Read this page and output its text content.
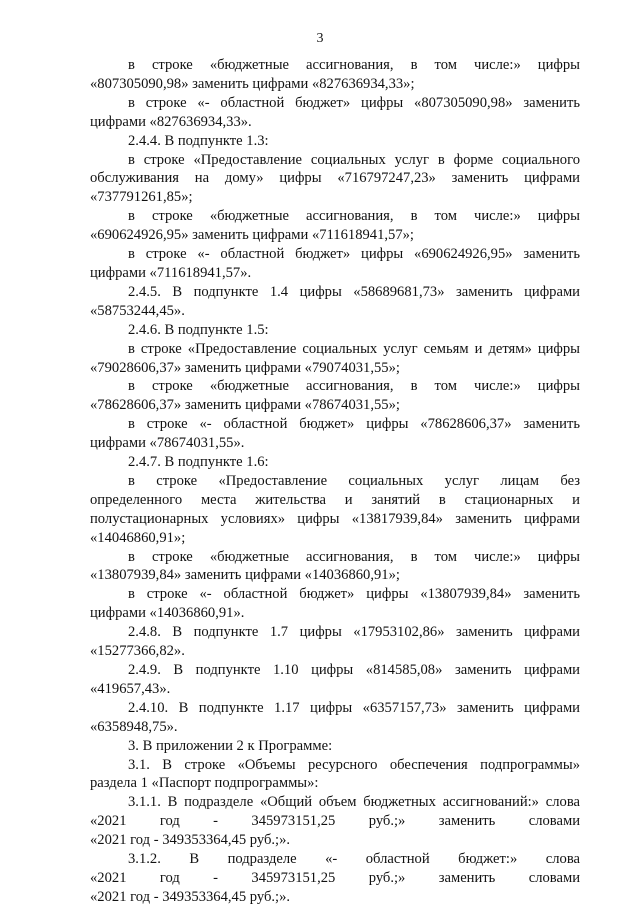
3
в строке «бюджетные ассигнования, в том числе:» цифры
«807305090,98» заменить цифрами «827636934,33»;
в строке «- областной бюджет» цифры «807305090,98» заменить
цифрами «827636934,33».
2.4.4. В подпункте 1.3:
в строке «Предоставление социальных услуг в форме социального
обслуживания на дому» цифры «716797247,23» заменить цифрами
«737791261,85»;
в строке «бюджетные ассигнования, в том числе:» цифры
«690624926,95» заменить цифрами «711618941,57»;
в строке «- областной бюджет» цифры «690624926,95» заменить
цифрами «711618941,57».
2.4.5. В подпункте 1.4 цифры «58689681,73» заменить цифрами
«58753244,45».
2.4.6. В подпункте 1.5:
в строке «Предоставление социальных услуг семьям и детям» цифры
«79028606,37» заменить цифрами «79074031,55»;
в строке «бюджетные ассигнования, в том числе:» цифры
«78628606,37» заменить цифрами «78674031,55»;
в строке «- областной бюджет» цифры «78628606,37» заменить
цифрами «78674031,55».
2.4.7. В подпункте 1.6:
в строке «Предоставление социальных услуг лицам без
определенного места жительства и занятий в стационарных и
полустационарных условиях» цифры «13817939,84» заменить цифрами
«14046860,91»;
в строке «бюджетные ассигнования, в том числе:» цифры
«13807939,84» заменить цифрами «14036860,91»;
в строке «- областной бюджет» цифры «13807939,84» заменить
цифрами «14036860,91».
2.4.8. В подпункте 1.7 цифры «17953102,86» заменить цифрами
«15277366,82».
2.4.9. В подпункте 1.10 цифры «814585,08» заменить цифрами
«419657,43».
2.4.10. В подпункте 1.17 цифры «6357157,73» заменить цифрами
«6358948,75».
3. В приложении 2 к Программе:
3.1. В строке «Объемы ресурсного обеспечения подпрограммы»
раздела 1 «Паспорт подпрограммы»:
3.1.1. В подразделе «Общий объем бюджетных ассигнований:» слова
«2021 год - 345973151,25 руб.;» заменить словами
«2021 год - 349353364,45 руб.;».
3.1.2. В подразделе «- областной бюджет:» слова
«2021 год - 345973151,25 руб.;» заменить словами
«2021 год - 349353364,45 руб.;».
